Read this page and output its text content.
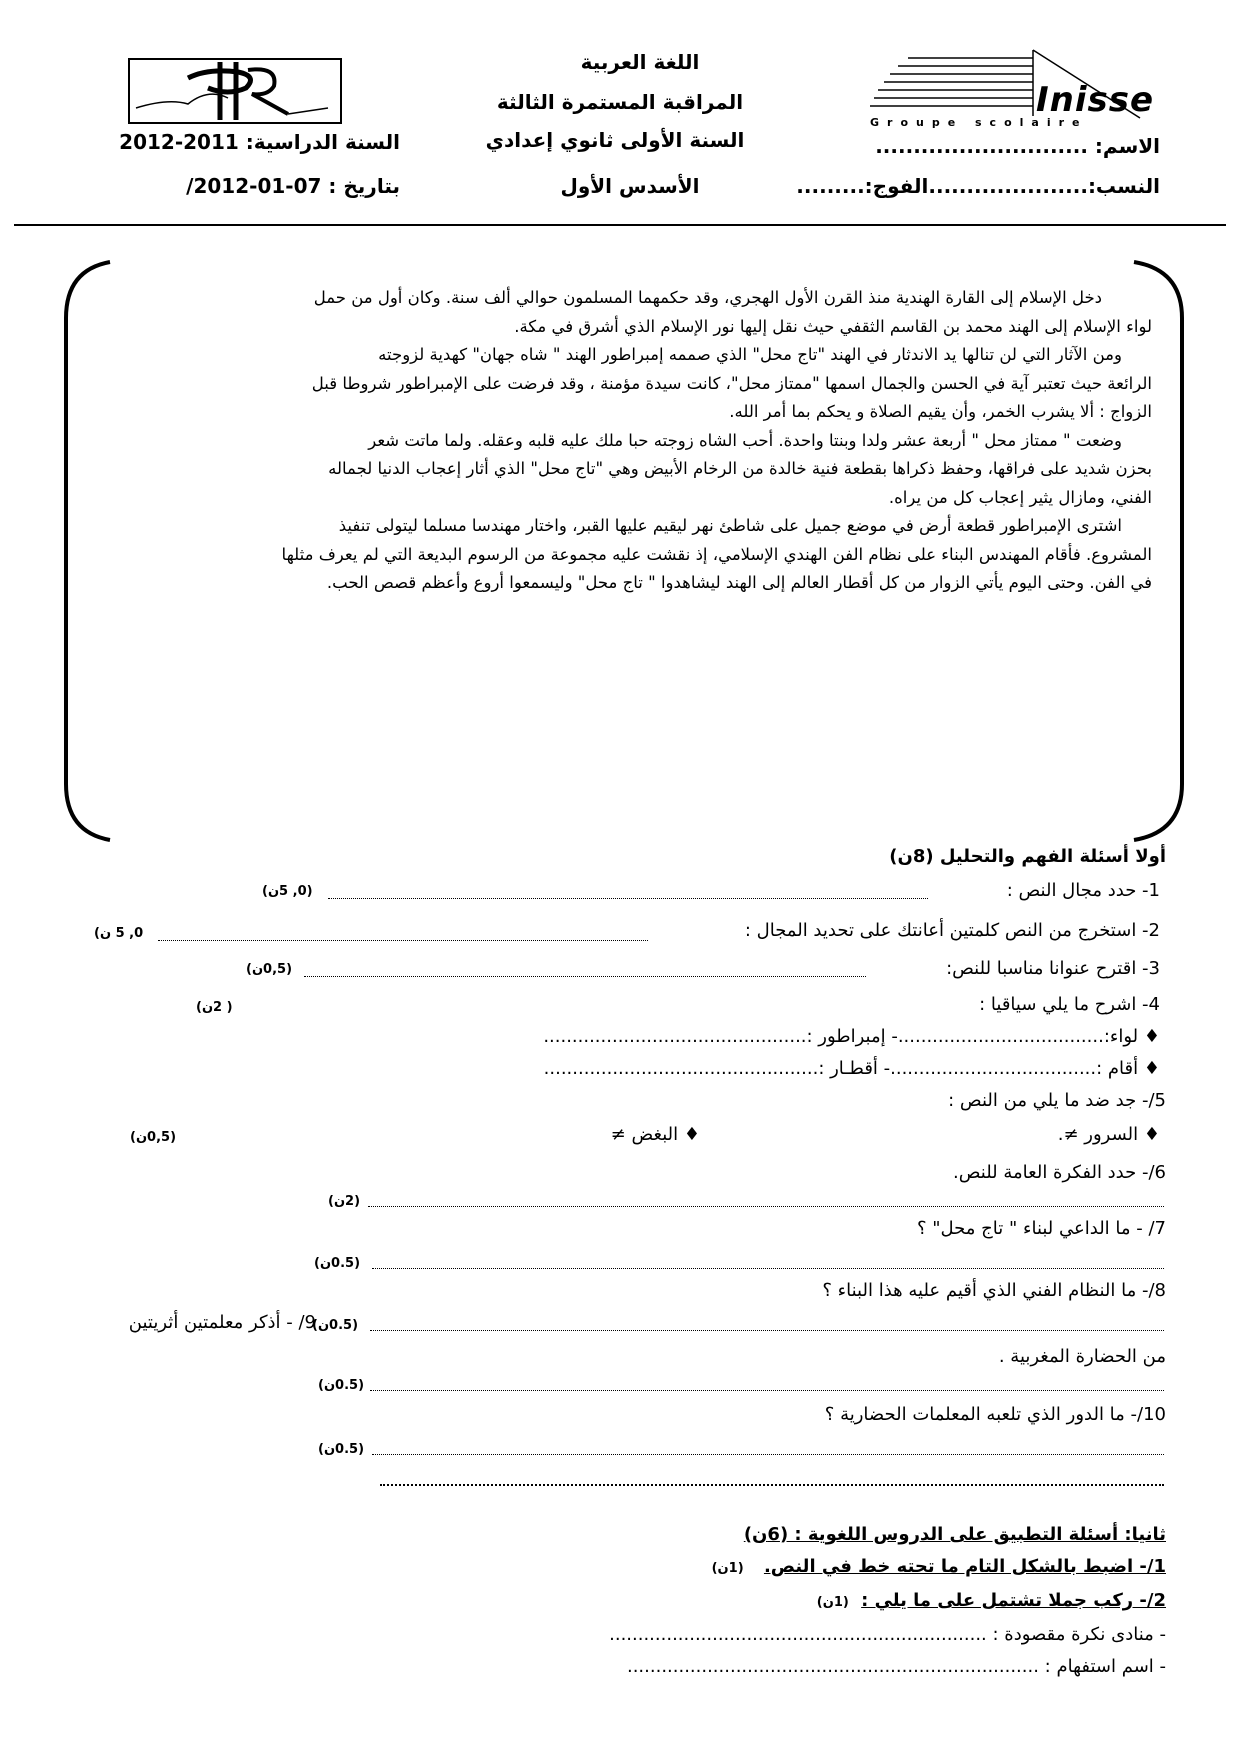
Inisse
Groupe scolaire
اللغة العربية
المراقبة المستمرة الثالثة
السنة الأولى ثانوي إعدادي
الأسدس الأول
السنة الدراسية: 2011-2012
بتاريخ : 07-01-2012/
الاسم: ............................
النسب:.....................الفوج:.........
دخل الإسلام إلى القارة الهندية منذ القرن الأول الهجري، وقد حكمهما المسلمون حوالي ألف سنة. وكان أول من حمل
لواء الإسلام إلى الهند محمد بن القاسم الثقفي حيث نقل إليها نور الإسلام الذي أشرق في مكة.
ومن الآثار التي لن تنالها يد الاندثار في الهند "تاج محل" الذي صممه إمبراطور الهند " شاه جهان" كهدية لزوجته
الرائعة حيث تعتبر آية في الحسن والجمال اسمها "ممتاز محل"، كانت سيدة مؤمنة ، وقد فرضت على الإمبراطور شروطا قبل
الزواج : ألا يشرب الخمر، وأن يقيم الصلاة و يحكم بما أمر الله.
وضعت " ممتاز محل " أربعة عشر ولدا وبنتا واحدة. أحب الشاه زوجته حبا ملك عليه قلبه وعقله. ولما ماتت شعر
بحزن شديد على فراقها، وحفظ ذكراها بقطعة فنية خالدة من الرخام الأبيض وهي "تاج محل" الذي أثار إعجاب الدنيا لجماله
الفني، ومازال يثير إعجاب كل من يراه.
اشترى الإمبراطور قطعة أرض في موضع جميل على شاطئ نهر ليقيم عليها القبر، واختار مهندسا مسلما ليتولى تنفيذ
المشروع. فأقام المهندس البناء على نظام الفن الهندي الإسلامي، إذ نقشت عليه مجموعة من الرسوم البديعة التي لم يعرف مثلها
في الفن. وحتى اليوم يأتي الزوار من كل أقطار العالم إلى الهند ليشاهدوا " تاج محل" وليسمعوا أروع وأعظم قصص الحب.
أولا أسئلة الفهم والتحليل (8ن)
1- حدد مجال النص :
(0, 5ن)
2- استخرج من النص كلمتين أعانتك على تحديد المجال :
0, 5 ن)
3- اقترح عنوانا مناسبا للنص:
(0,5ن)
4- اشرح ما يلي سياقيا :
( 2ن)
♦ لواء:....................................- إمبراطور :..............................................
♦ أقام :....................................- أقطـار :................................................
5/- جد ضد ما يلي من النص :
♦ السرور ≠.
♦ البغض ≠
(0,5ن)
6/- حدد الفكرة العامة للنص.
(2ن)
7/ - ما الداعي لبناء " تاج محل" ؟
(0.5ن)
8/- ما النظام الفني الذي أقيم عليه هذا البناء ؟
(0.5ن)
9/ - أذكر معلمتين أثريتين
من الحضارة المغربية .
(0.5ن)
10/- ما الدور الذي تلعبه المعلمات الحضارية ؟
(0.5ن)
ثانيا: أسئلة التطبيق على الدروس اللغوية : (6ن)
1/- اضبط بالشكل التام ما تحته خط في النص. (1ن)
2/- ركب جملا تشتمل على ما يلي : (1ن)
- منادى نكرة مقصودة : ..................................................................
- اسم استفهام : ........................................................................
